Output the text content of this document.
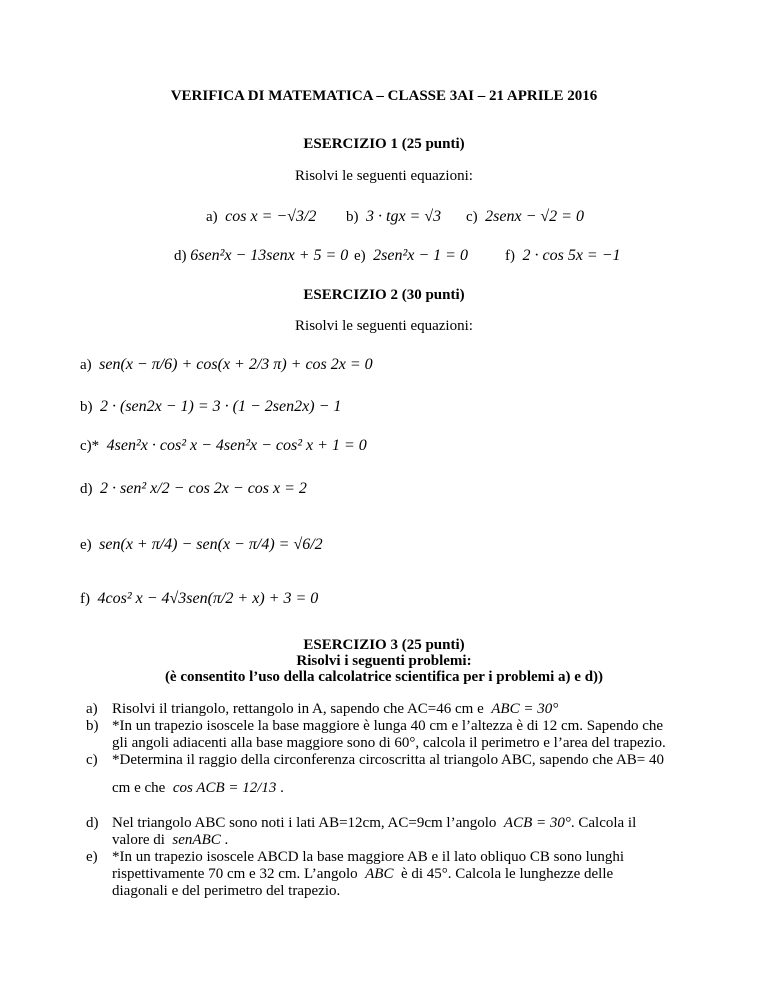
VERIFICA DI MATEMATICA – CLASSE 3AI – 21 APRILE 2016
ESERCIZIO 1 (25 punti)
Risolvi le seguenti equazioni:
a) cos x = −√3/2 b) 3 · tgx = √3 c) 2senx − √2 = 0
d) 6sen²x − 13senx + 5 = 0 e) 2sen²x − 1 = 0 f) 2 · cos 5x = −1
ESERCIZIO 2 (30 punti)
Risolvi le seguenti equazioni:
a) sen(x − π/6) + cos(x + 2/3 π) + cos 2x = 0
b) 2 · (sen2x − 1) = 3 · (1 − 2sen2x) − 1
c)* 4sen²x · cos² x − 4sen²x − cos² x + 1 = 0
d) 2 · sen² x/2 − cos 2x − cos x = 2
e) sen(x + π/4) − sen(x − π/4) = √6/2
f) 4cos² x − 4√3sen(π/2 + x) + 3 = 0
ESERCIZIO 3 (25 punti)
Risolvi i seguenti problemi:
(è consentito l’uso della calcolatrice scientifica per i problemi a) e d))
a) Risolvi il triangolo, rettangolo in A, sapendo che AC=46 cm e ABC = 30°
b) *In un trapezio isoscele la base maggiore è lunga 40 cm e l’altezza è di 12 cm. Sapendo che
gli angoli adiacenti alla base maggiore sono di 60°, calcola il perimetro e l’area del trapezio.
c) *Determina il raggio della circonferenza circoscritta al triangolo ABC, sapendo che AB= 40
cm e che cos ACB = 12/13 .
d) Nel triangolo ABC sono noti i lati AB=12cm, AC=9cm l’angolo ACB = 30°. Calcola il
valore di senABC .
e) *In un trapezio isoscele ABCD la base maggiore AB e il lato obliquo CB sono lunghi
rispettivamente 70 cm e 32 cm. L’angolo ABC è di 45°. Calcola le lunghezze delle
diagonali e del perimetro del trapezio.
